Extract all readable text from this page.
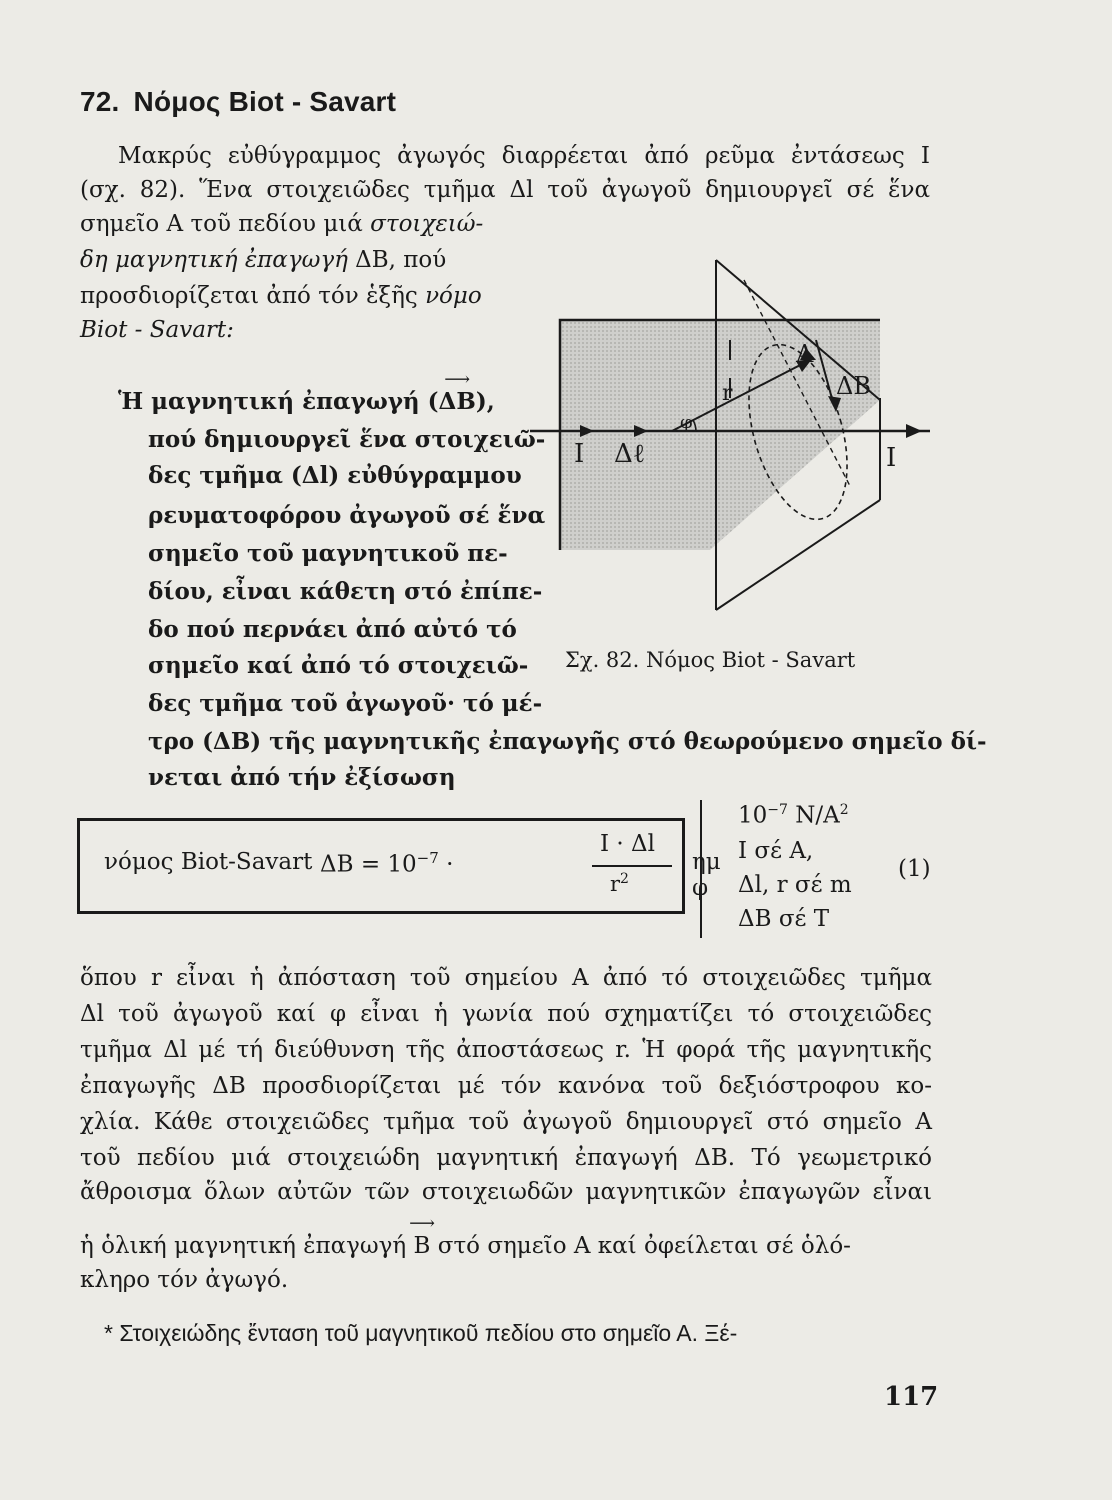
72. Νόμος Biot - Savart
Μακρύς εὐθύγραμμος ἀγωγός διαρρέεται ἀπό ρεῦμα ἐντάσεως Ι
(σχ. 82). Ἕνα στοιχειῶδες τμῆμα Δl τοῦ ἀγωγοῦ δημιουργεῖ σέ ἕνα
σημεῖο Α τοῦ πεδίου μιά στοιχειώ-
δη μαγνητική ἐπαγωγή ΔΒ, πού
προσδιορίζεται ἀπό τόν ἑξῆς νόμο
Biot - Savart:
Ἡ μαγνητική ἐπαγωγή (⟶ ΔΒ),
πού δημιουργεῖ ἕνα στοιχειῶ-
δες τμῆμα (Δl) εὐθύγραμμου
ρευματοφόρου ἀγωγοῦ σέ ἕνα
σημεῖο τοῦ μαγνητικοῦ πε-
δίου, εἶναι κάθετη στό ἐπίπε-
δο πού περνάει ἀπό αὐτό τό
σημεῖο καί ἀπό τό στοιχειῶ-
δες τμῆμα τοῦ ἀγωγοῦ· τό μέ-
τρο (ΔΒ) τῆς μαγνητικῆς ἐπαγωγῆς στό θεωρούμενο σημεῖο δί-
νεται ἀπό τήν ἐξίσωση
Ι	Ι
Δℓ
Α
ΔΒ
r
φ
Σχ. 82. Νόμος Biot - Savart
νόμος Biot-Savart $\Delta B = 10^{-7}$ ·
Ι · Δl
$r^2$
ημ φ
$10^{-7}$ $N/A^2$
Ι σέ Α,
Δl, r σέ m
ΔΒ σέ Τ
(1)
ὅπου r εἶναι ἡ ἀπόσταση τοῦ σημείου Α ἀπό τό στοιχειῶδες τμῆμα
Δl τοῦ ἀγωγοῦ καί φ εἶναι ἡ γωνία πού σχηματίζει τό στοιχειῶδες
τμῆμα Δl μέ τή διεύθυνση τῆς ἀποστάσεως r. Ἡ φορά τῆς μαγνητικῆς
ἐπαγωγῆς ΔΒ προσδιορίζεται μέ τόν κανόνα τοῦ δεξιόστροφου κο-
χλία. Κάθε στοιχειῶδες τμῆμα τοῦ ἀγωγοῦ δημιουργεῖ στό σημεῖο Α
τοῦ πεδίου μιά στοιχειώδη μαγνητική ἐπαγωγή ΔΒ. Τό γεωμετρικό
ἄθροισμα ὅλων αὐτῶν τῶν στοιχειωδῶν μαγνητικῶν ἐπαγωγῶν εἶναι
ἡ ὁλική μαγνητική ἐπαγωγή ⟶ Β στό σημεῖο Α καί ὀφείλεται σέ ὁλό-
κληρο τόν ἀγωγό.
* Στοιχειώδης ἔνταση τοῦ μαγνητικοῦ πεδίου στο σημεῖο Α. Ξέ-
117
